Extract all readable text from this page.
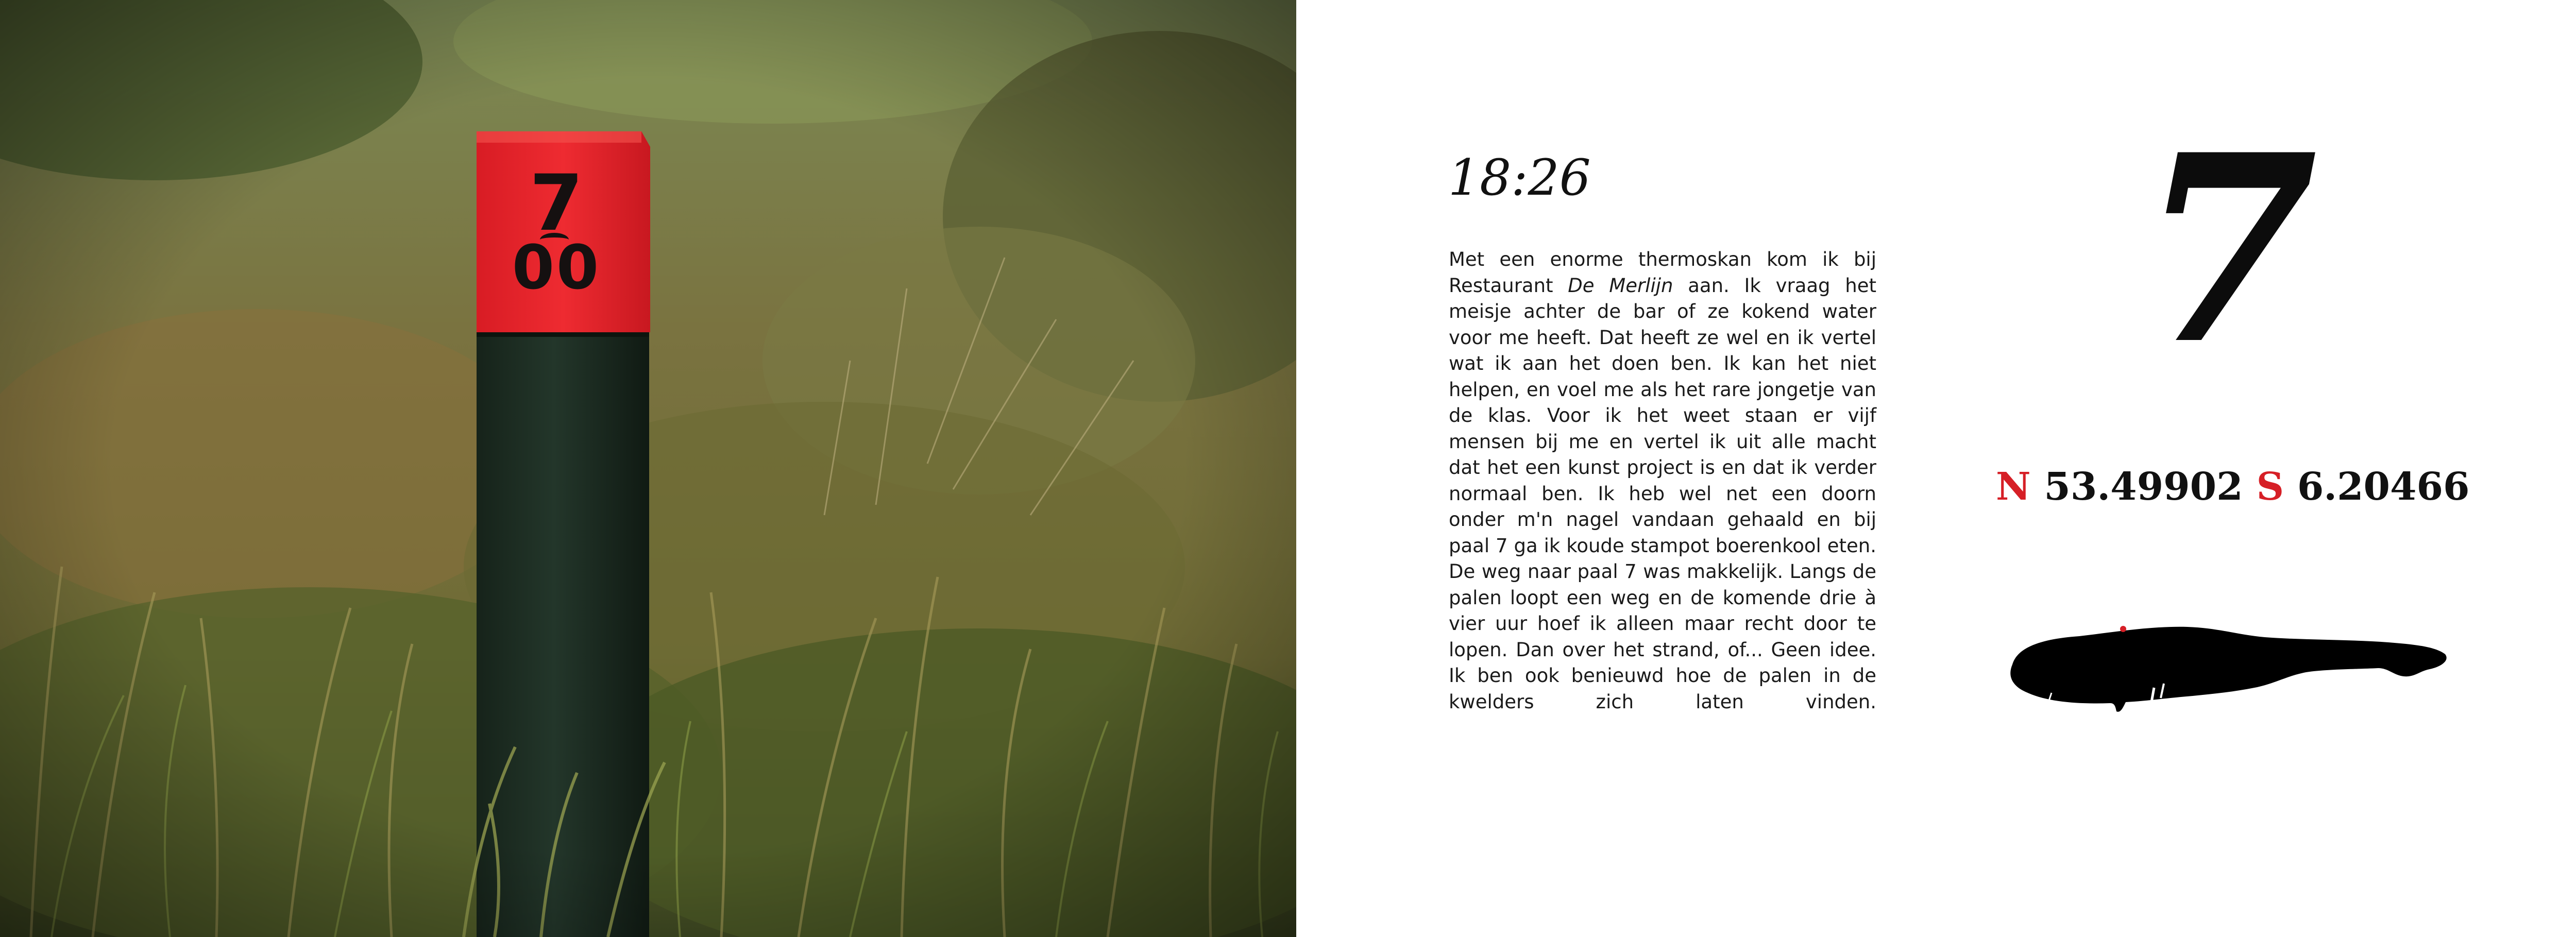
7
00
18:26

Met een enorme thermoskan kom ik bij Restaurant De Merlijn aan. Ik vraag het meisje achter de bar of ze kokend water voor me heeft. Dat heeft ze wel en ik vertel wat ik aan het doen ben. Ik kan het niet helpen, en voel me als het rare jongetje van de klas. Voor ik het weet staan er vijf mensen bij me en vertel ik uit alle macht dat het een kunst project is en dat ik verder normaal ben. Ik heb wel net een doorn onder m'n nagel vandaan gehaald en bij paal 7 ga ik koude stampot boerenkool eten. De weg naar paal 7 was makkelijk. Langs de palen loopt een weg en de komende drie à vier uur hoef ik alleen maar recht door te lopen. Dan over het strand, of... Geen idee. Ik ben ook benieuwd hoe de palen in de kwelders zich laten vinden.

7
N 53.49902 S 6.20466
